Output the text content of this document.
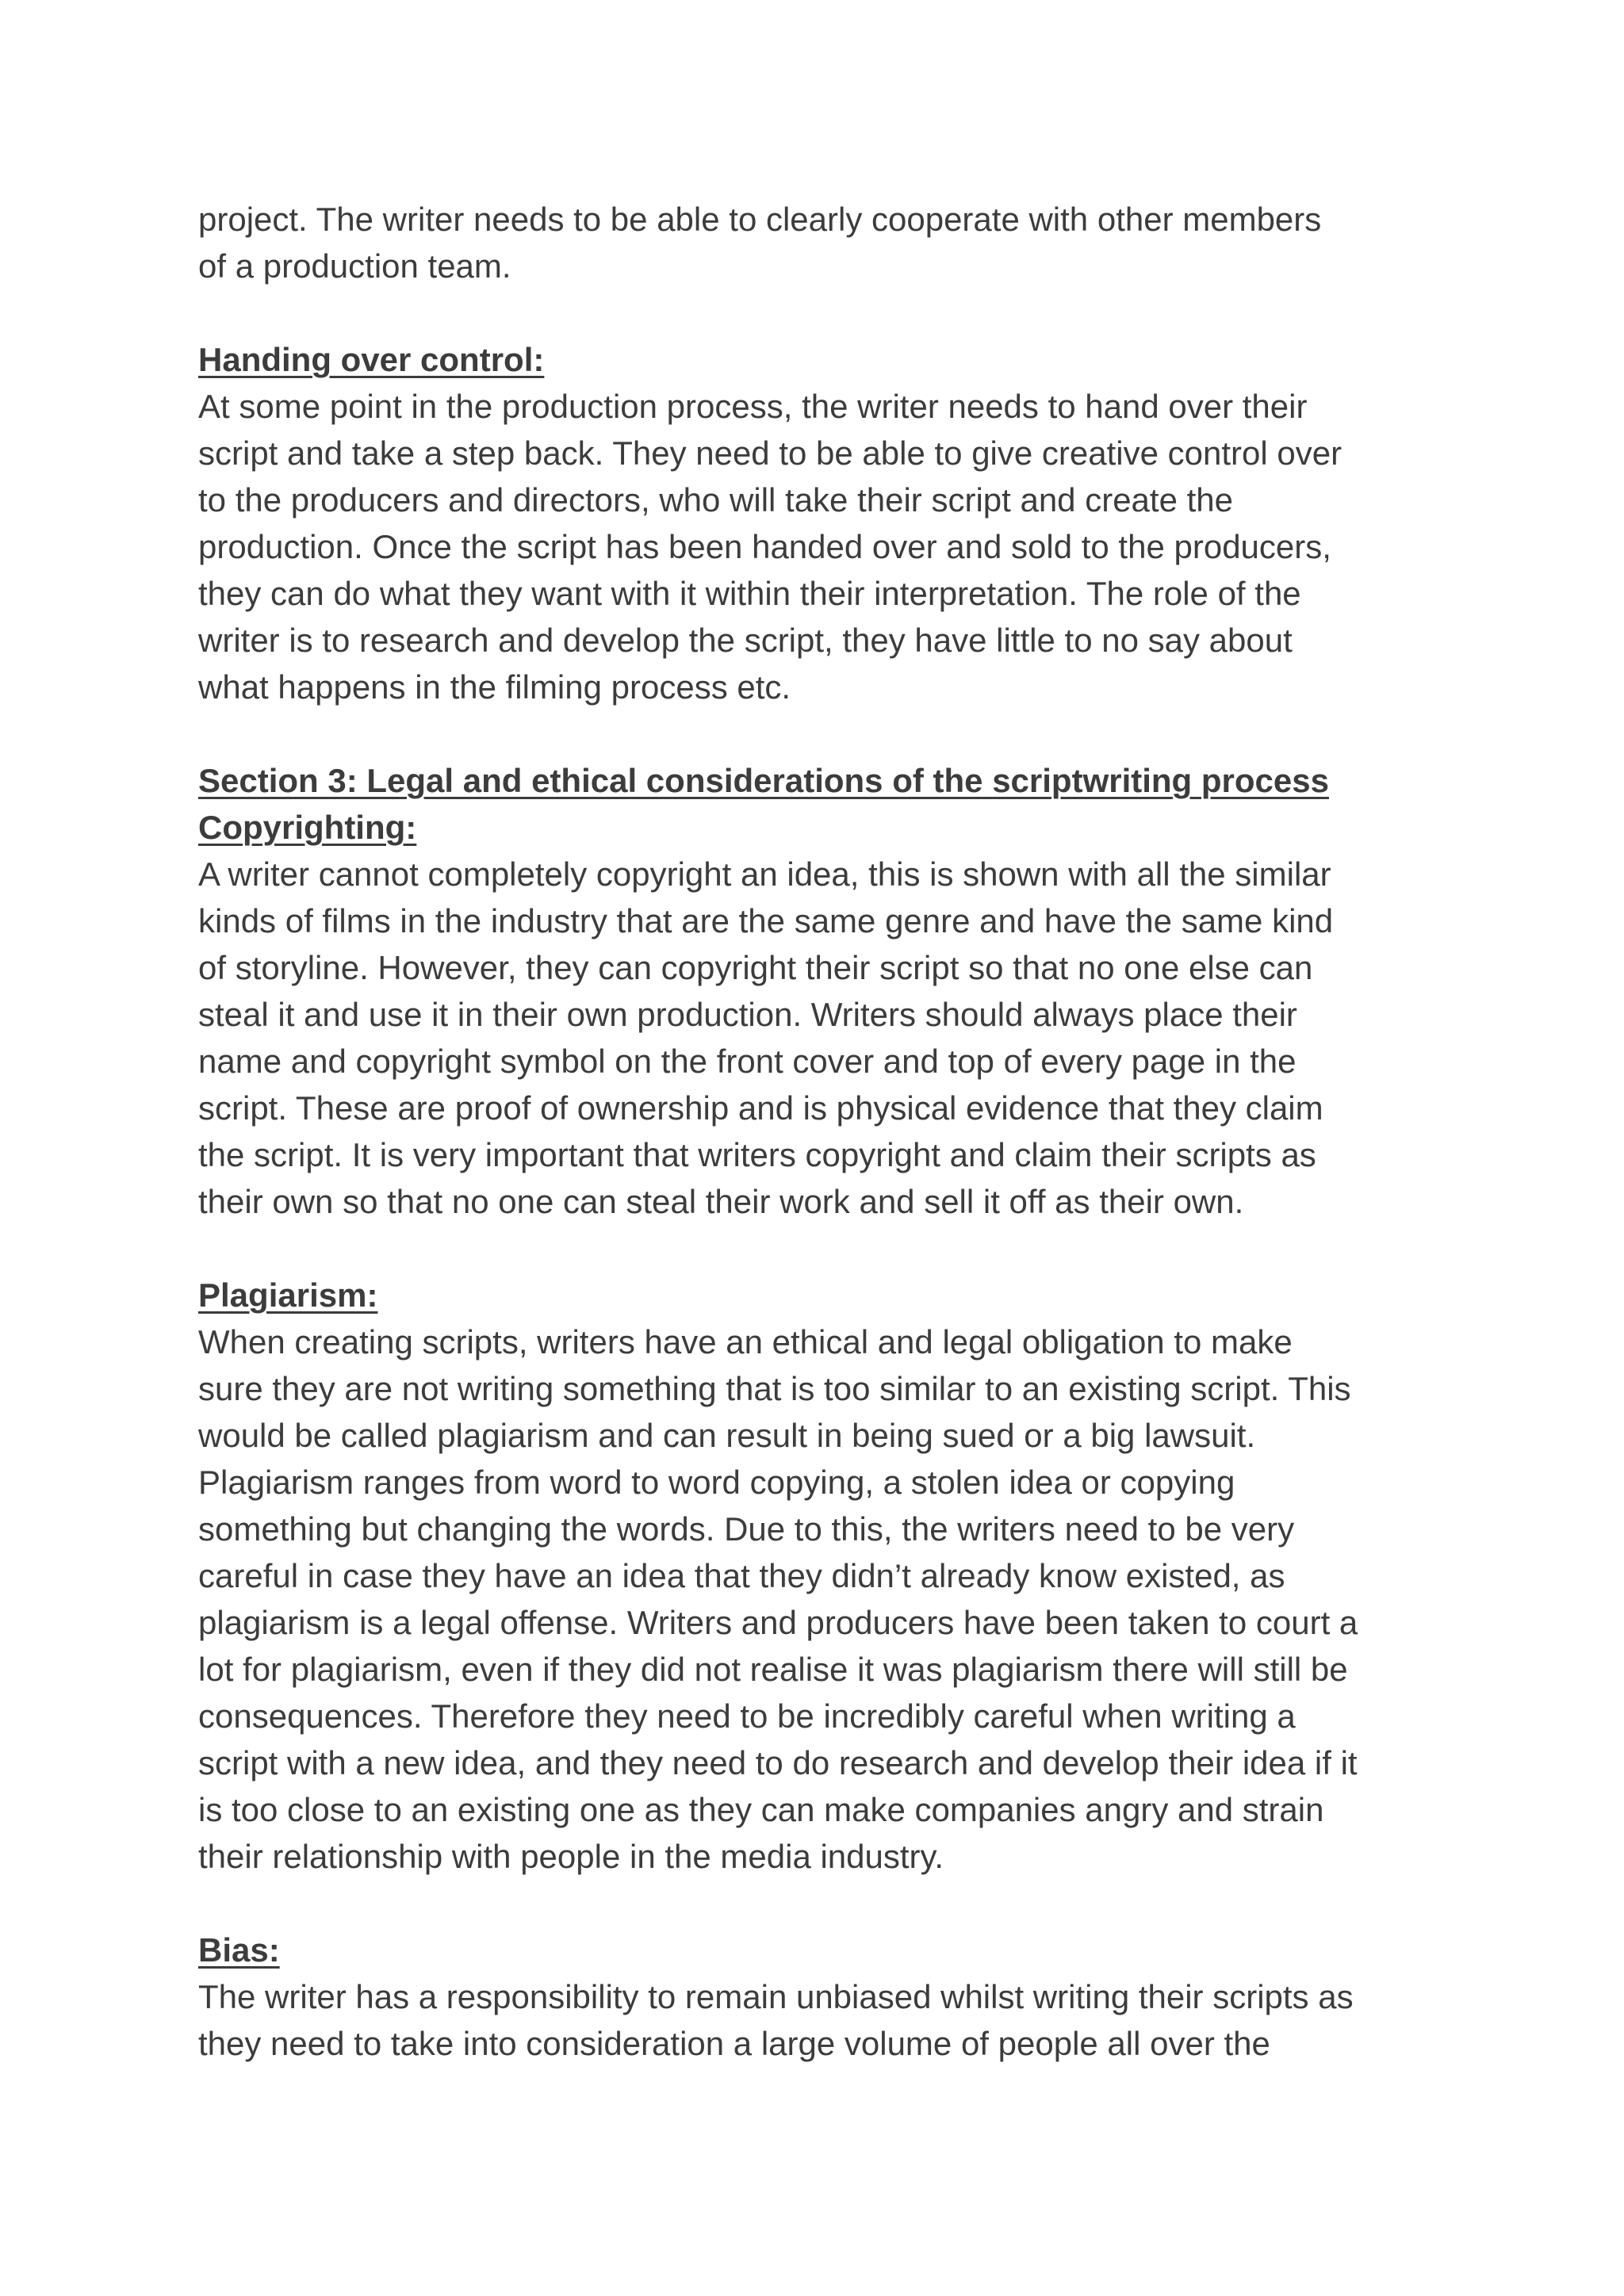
project. The writer needs to be able to clearly cooperate with other members

of a production team.

Handing over control:

At some point in the production process, the writer needs to hand over their

script and take a step back. They need to be able to give creative control over

to the producers and directors, who will take their script and create the

production. Once the script has been handed over and sold to the producers,

they can do what they want with it within their interpretation. The role of the

writer is to research and develop the script, they have little to no say about

what happens in the filming process etc.

Section 3: Legal and ethical considerations of the scriptwriting process

Copyrighting:

A writer cannot completely copyright an idea, this is shown with all the similar

kinds of films in the industry that are the same genre and have the same kind

of storyline. However, they can copyright their script so that no one else can

steal it and use it in their own production. Writers should always place their

name and copyright symbol on the front cover and top of every page in the

script. These are proof of ownership and is physical evidence that they claim

the script. It is very important that writers copyright and claim their scripts as

their own so that no one can steal their work and sell it off as their own.

Plagiarism:

When creating scripts, writers have an ethical and legal obligation to make

sure they are not writing something that is too similar to an existing script. This

would be called plagiarism and can result in being sued or a big lawsuit.

Plagiarism ranges from word to word copying, a stolen idea or copying

something but changing the words. Due to this, the writers need to be very

careful in case they have an idea that they didn’t already know existed, as

plagiarism is a legal offense. Writers and producers have been taken to court a

lot for plagiarism, even if they did not realise it was plagiarism there will still be

consequences. Therefore they need to be incredibly careful when writing a

script with a new idea, and they need to do research and develop their idea if it

is too close to an existing one as they can make companies angry and strain

their relationship with people in the media industry.

Bias:

The writer has a responsibility to remain unbiased whilst writing their scripts as

they need to take into consideration a large volume of people all over the
